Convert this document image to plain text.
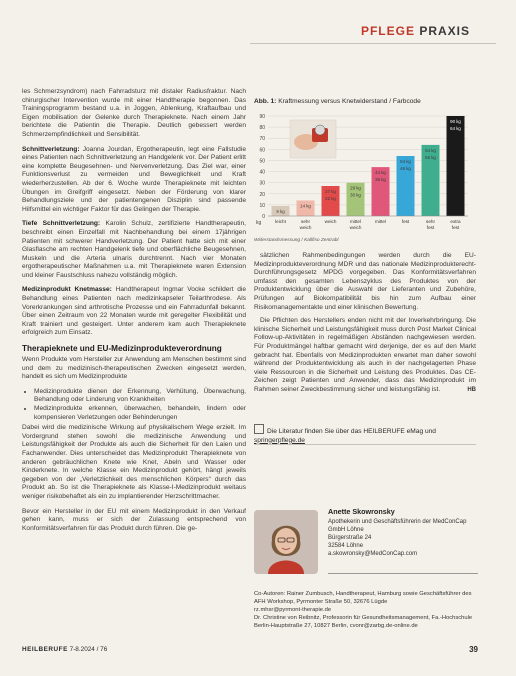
PFLEGE PRAXIS

les Schmerzsyndrom) nach Fahrradsturz mit distaler Radiusfraktur. Nach chirurgischer Intervention wurde mit einer Handtherapie begonnen. Das Trainingsprogramm bestand u.a. in Joggen, Ablenkung, Kraftaufbau und Eigen mobilisation der Gelenke durch Therapieknete. Nach einem Jahr berichtete die Patientin die Therapie. Deutlich gebessert werden Schmerzempfindlichkeit und Sensibilität.

Schnittverletzung: Joanna Jourdan, Ergotherapeutin, legt eine Fallstudie eines Patienten nach Schnittverletzung an Handgelenk vor. Der Patient erlitt eine komplette Beugesehnen- und Nervenverletzung. Das Ziel war, einer Funktionsverlust zu vermeiden und Beweglichkeit und Kraft wiederherzustellen. Ab der 6. Woche wurde Therapieknete mit leichten Übungen im Greifgriff eingesetzt. Neben der Förderung von klarer Behandlungsziele und der patientengenen Disziplin sind passende Hilfsmittel ein wichtiger Faktor für das Gelingen der Therapie.

Tiefe Schnittverletzung: Karolin Schulz, zertifizierte Handtherapeutin, beschreibt einen Einzelfall mit Nachbehandlung bei einem 17jährigen Patienten mit schwerer Handverletzung. Der Patient hatte sich mit einer Glasflasche am rechten Handgelenk tiefe und oberflächliche Beugesehnen, Muskeln und die Arteria ulnaris durchtrennt. Nach vier Monaten ergotherapeutischer Maßnahmen u.a. mit Therapieknete waren Extension und kleiner Faustschluss nahezu vollständig möglich.

Medizinprodukt Knetmasse: Handtherapeut Ingmar Vocke schildert die Behandlung eines Patienten nach medizinkapseler Teilarthrodese. Als Vorerkrankungen sind arthrotische Prozesse und ein Fahrradunfall bekannt. Über einen Zeitraum von 22 Monaten wurde mit geregelter Flexibilität und Kraft trainiert und gesteigert. Unter anderem kam auch Therapieknete erfolgreich zum Einsatz.

Therapieknete und EU-Medizinprodukteverordnung

Wenn Produkte vom Hersteller zur Anwendung am Menschen bestimmt sind und dem zu medizinisch-therapeutischen Zwecken eingesetzt werden, handelt es sich um Medizinprodukte

• Medizinprodukte dienen der Erkennung, Verhütung, Überwachung, Behandlung oder Linderung von Krankheiten
• Medizinprodukte erkennen, überwachen, behandeln, lindern oder kompensieren Verletzungen oder Behinderungen

Dabei wird die medizinische Wirkung auf physikalischem Wege erzielt. Im Vordergrund stehen sowohl die medizinische Anwendung und Leistungsfähigkeit der Produkte als auch die Sicherheit für den Laien und Fachanwender. Dies unterscheidet das Medizinprodukt Therapieknete von anderen gebräuchlichen Knete wie Knet, Abeln und Wasser oder Kinderknete. In welche Klasse ein Medizinprodukt gehört, hängt jeweils gegeben von der „Verletzlichkeit des menschlichen Körpers“ durch das Produkt ab. So ist die Therapieknete als Klasse-I-Medizinprodukt weitaus weniger risikobehaftet als ein zu implantierender Herzschrittmacher.

Bevor ein Hersteller in der EU mit einem Medizinprodukt in den Verkauf gehen kann, muss er sich der Zulassung entsprechend von Konformitätsverfahren für das Produkt durch führen. Die ge-

Abb. 1: Kraftmessung versus Knetwiderstand / Farbcode
0
10
20
30
40
50
60
70
80
90
kg
9 kg
leicht
14 kg
sehr
weich
27 kg
22 kg
weich
29 kg
30 kg
mittel
weich
44 kg
36 kg
mittel
54 kg
46 kg
fest
64 kg
55 kg
sehr
fest
90 kg
64 kg
extra
fest
Widerstandsmessung / Kallfiso Zentrabl

sätzlichen Rahmenbedingungen werden durch die EU-Medizinprodukteverordnung MDR und das nationale Medizinprodukterecht-Durchführungsgesetz MPDG vorgegeben. Das Konformitätsverfahren umfasst den gesamten Lebenszyklus des Produktes von der Produktentwicklung über die Auswahl der Lieferanten und Zubehöre, Prüfungen auf Biokompatibilität bis hin zum Aufbau einer Risikomanagementakte und einer klinischen Bewertung.

Die Pflichten des Herstellers enden nicht mit der Inverkehrbringung. Die klinische Sicherheit und Leistungsfähigkeit muss durch Post Market Clinical Follow-up-Aktivitäten in regelmäßigen Abständen nachgewiesen werden. Für Produktmängel haftbar gemacht wird derjenige, der es auf den Markt gebracht hat. Ebenfalls von Medizinprodukten erwartet man daher sowohl während der Produktentwicklung als auch in der nachgelagerten Phase viele Ressourcen in die Sicherheit und Leistung des Produktes. Das CE-Zeichen zeigt Patienten und Anwender, dass das Medizinprodukt im Rahmen seiner Zweckbestimmung sicher und leistungsfähig ist.	HB

Die Literatur finden Sie über das HEILBERUFE eMag und springerpflege.de
Anette Skowronsky
Apothekerin und Geschäftsführerin der MedConCap GmbH Löhne
Bürgerstraße 24
32584 Löhne
a.skowronsky@MedConCap.com
Co-Autoren: Rainer Zumbusch, Handtherapeut, Hamburg sowie Geschäftsführer des AFH Workshop, Pyrmonter Straße 50, 32676 Lügde
rz.mhsr@pyrmont-therapie.de
Dr. Christine von Reibnitz, Professorin für Gesundheitsmanagement, Fa.-Hochschule Berlin-Hauptstraße 27, 10827 Berlin, cvonr@zarbg.de-online.de
HEILBERUFE 7-8.2024 / 76	39
